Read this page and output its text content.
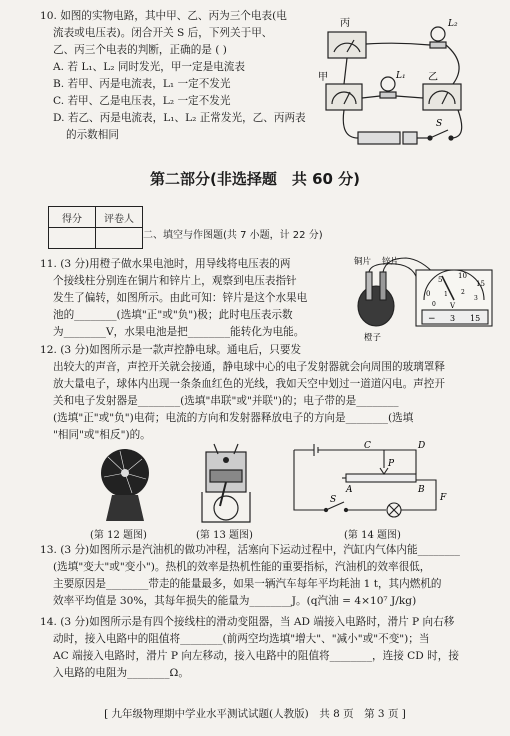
10. 如图的实物电路，其中甲、乙、丙为三个电表(电
流表或电压表)。闭合开关 S 后，下列关于甲、
乙、丙三个电表的判断，正确的是 ( )
A. 若 L₁、L₂ 同时发光，甲一定是电流表
B. 若甲、丙是电流表，L₁ 一定不发光
C. 若甲、乙是电压表，L₂ 一定不发光
D. 若乙、丙是电流表，L₁、L₂ 正常发光，乙、丙两表
的示数相同
丙
甲	乙
L₂
L₁
S
第二部分(非选择题　共 60 分)
得分	评卷人

二、填空与作图题(共 7 小题，计 22 分)
11. (3 分)用橙子做水果电池时，用导线将电压表的两
个接线柱分别连在铜片和锌片上，观察到电压表指针
发生了偏转，如图所示。由此可知：锌片是这个水果电
池的________(选填"正"或"负")极；此时电压表示数
为________V，水果电池是把________能转化为电能。
铜片 锌片
橙子
0
5 10
15
0
1 2
3
V
− 3 15
12. (3 分)如图所示是一款声控静电球。通电后，只要发
出较大的声音，声控开关就会接通，静电球中心的电子发射器就会向周围的玻璃罩释
放大量电子，球体内出现一条条血红色的光线，我如天空中划过一道道闪电。声控开
关和电子发射器是________(选填"串联"或"并联")的；电子带的是________
(选填"正"或"负")电荷；电流的方向和发射器释放电子的方向是________(选填
"相同"或"相反")的。
(第 12 题图)	(第 13 题图)
C	D
A	B
P
F
S
(第 14 题图)
13. (3 分)如图所示是汽油机的做功冲程，活塞向下运动过程中，汽缸内气体内能________
(选填"变大"或"变小")。热机的效率是热机性能的重要指标，汽油机的效率很低，
主要原因是________带走的能量最多，如果一辆汽车每年平均耗油 1 t，其内燃机的
效率平均值是 30%，其每年损失的能量为________J。(q汽油 = 4×10⁷ J/kg)
14. (3 分)如图所示是有四个接线柱的滑动变阻器，当 AD 端接入电路时，滑片 P 向右移
动时，接入电路中的阻值将________(前两空均选填"增大"、"减小"或"不变")；当
AC 端接入电路时，滑片 P 向左移动，接入电路中的阻值将________，连接 CD 时，接
入电路的电阻为________Ω。
[ 九年级物理期中学业水平测试试题(人教版)　共 8 页　第 3 页 ]
